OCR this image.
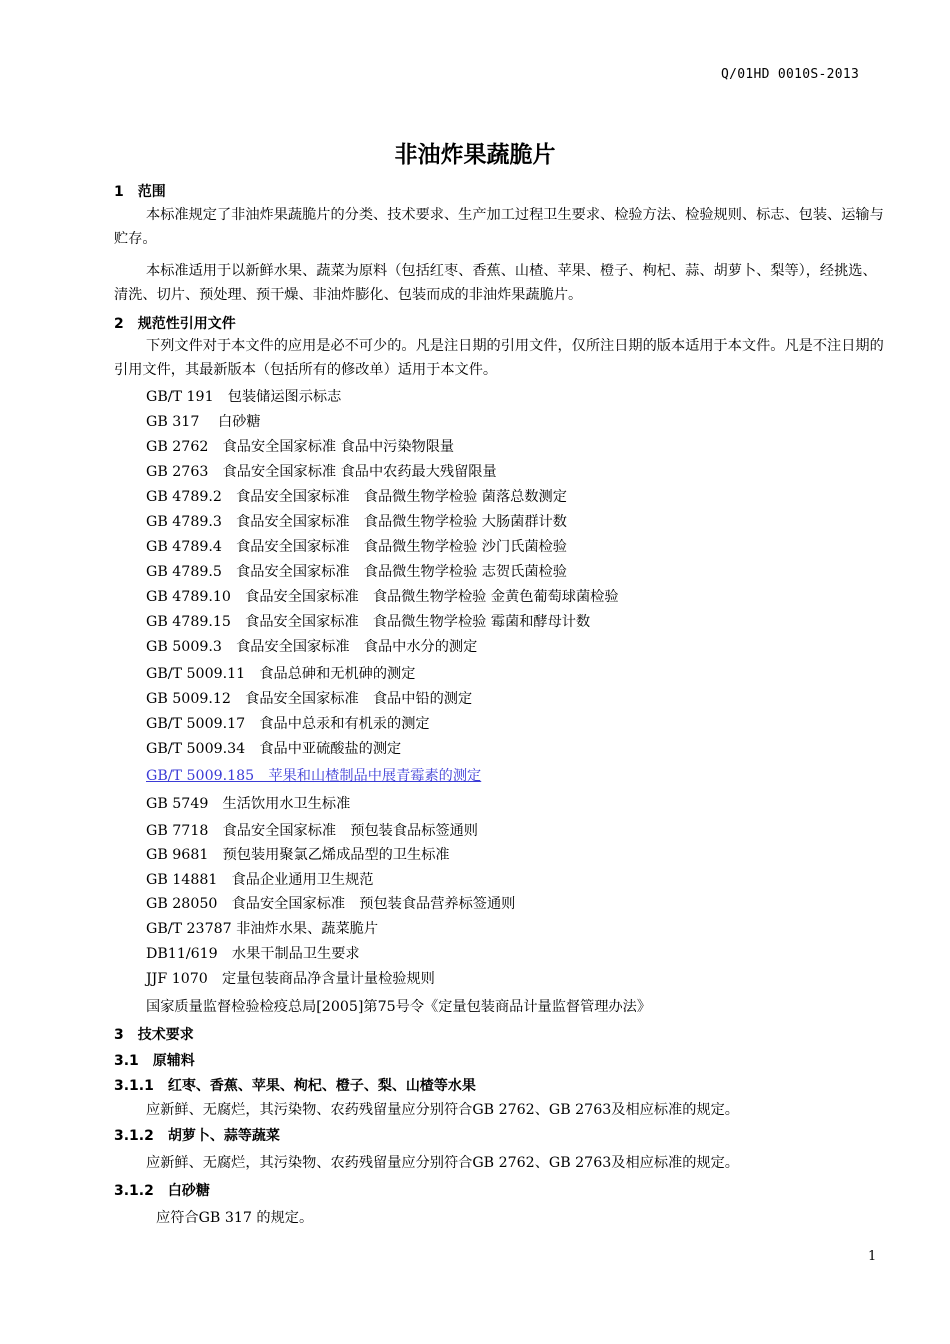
Q/01HD 0010S-2013
非油炸果蔬脆片
1　范围
本标准规定了非油炸果蔬脆片的分类、技术要求、生产加工过程卫生要求、检验方法、检验规则、标志、包装、运输与贮存。
本标准适用于以新鲜水果、蔬菜为原料（包括红枣、香蕉、山楂、苹果、橙子、枸杞、蒜、胡萝卜、梨等），经挑选、清洗、切片、预处理、预干燥、非油炸膨化、包装而成的非油炸果蔬脆片。
2　规范性引用文件
下列文件对于本文件的应用是必不可少的。凡是注日期的引用文件，仅所注日期的版本适用于本文件。凡是不注日期的引用文件，其最新版本（包括所有的修改单）适用于本文件。
GB/T 191　包装储运图示标志
GB 317　 白砂糖
GB 2762　食品安全国家标准 食品中污染物限量
GB 2763　食品安全国家标准 食品中农药最大残留限量
GB 4789.2　食品安全国家标准　食品微生物学检验 菌落总数测定
GB 4789.3　食品安全国家标准　食品微生物学检验 大肠菌群计数
GB 4789.4　食品安全国家标准　食品微生物学检验 沙门氏菌检验
GB 4789.5　食品安全国家标准　食品微生物学检验 志贺氏菌检验
GB 4789.10　食品安全国家标准　食品微生物学检验 金黄色葡萄球菌检验
GB 4789.15　食品安全国家标准　食品微生物学检验 霉菌和酵母计数
GB 5009.3　食品安全国家标准　食品中水分的测定
GB/T 5009.11　食品总砷和无机砷的测定
GB 5009.12　食品安全国家标准　食品中铅的测定
GB/T 5009.17　食品中总汞和有机汞的测定
GB/T 5009.34　食品中亚硫酸盐的测定
GB/T 5009.185　苹果和山楂制品中展青霉素的测定
GB 5749　生活饮用水卫生标准
GB 7718　食品安全国家标准　预包装食品标签通则
GB 9681　预包装用聚氯乙烯成品型的卫生标准
GB 14881　食品企业通用卫生规范
GB 28050　食品安全国家标准　预包装食品营养标签通则
GB/T 23787 非油炸水果、蔬菜脆片
DB11/619　水果干制品卫生要求
JJF 1070　定量包装商品净含量计量检验规则
国家质量监督检验检疫总局[2005]第75号令《定量包装商品计量监督管理办法》
3　技术要求
3.1　原辅料
3.1.1　红枣、香蕉、苹果、枸杞、橙子、梨、山楂等水果
应新鲜、无腐烂，其污染物、农药残留量应分别符合GB 2762、GB 2763及相应标准的规定。
3.1.2　胡萝卜、蒜等蔬菜
应新鲜、无腐烂，其污染物、农药残留量应分别符合GB 2762、GB 2763及相应标准的规定。
3.1.2　白砂糖
应符合GB 317 的规定。
1
